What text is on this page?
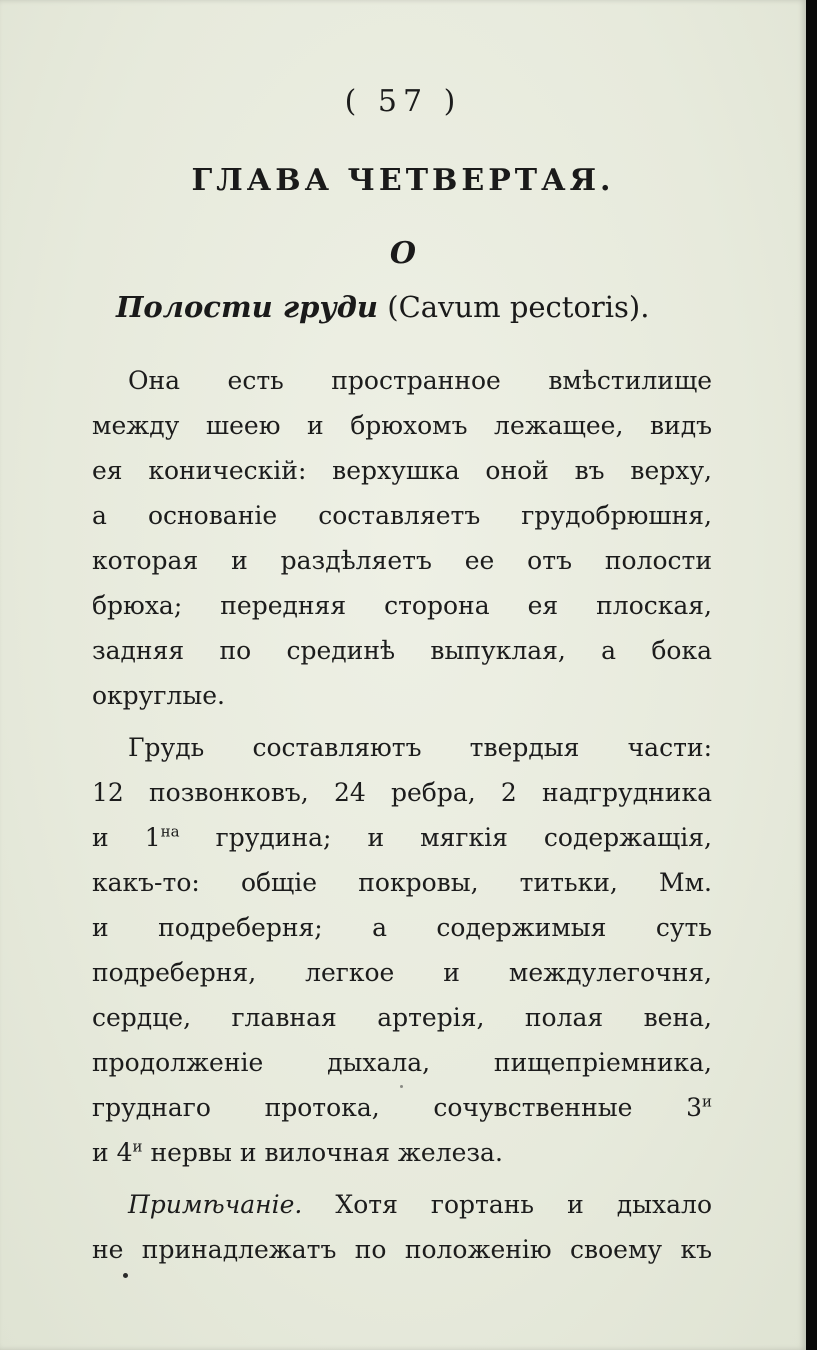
( 57 )
ГЛАВА ЧЕТВЕРТАЯ.
О
Полости груди (Cavum pectoris).
Она есть пространное вмѣстилище
между шеею и брюхомъ лежащее, видъ
ея коническій: верхушка оной въ верху,
а основаніе составляетъ грудобрюшня,
которая и раздѣляетъ ее отъ полости
брюха; передняя сторона ея плоская,
задняя по срединѣ выпуклая, а бока
округлые.
Грудь составляютъ твердыя части:
12 позвонковъ, 24 ребра, 2 надгрудника
и $1^{на}$ грудина; и мягкія содержащія,
какъ-то: общіе покровы, титьки, Мм.
и подреберня; а содержимыя суть
подреберня, легкое и междулегочня,
сердце, главная артерія, полая вена,
продолженіе дыхала, пищепріемника,
груднаго протока, сочувственные $3^и$
и $4^и$ нервы и вилочная железа.
Примѣчаніе. Хотя гортань и дыхало
не принадлежатъ по положенію своему къ
